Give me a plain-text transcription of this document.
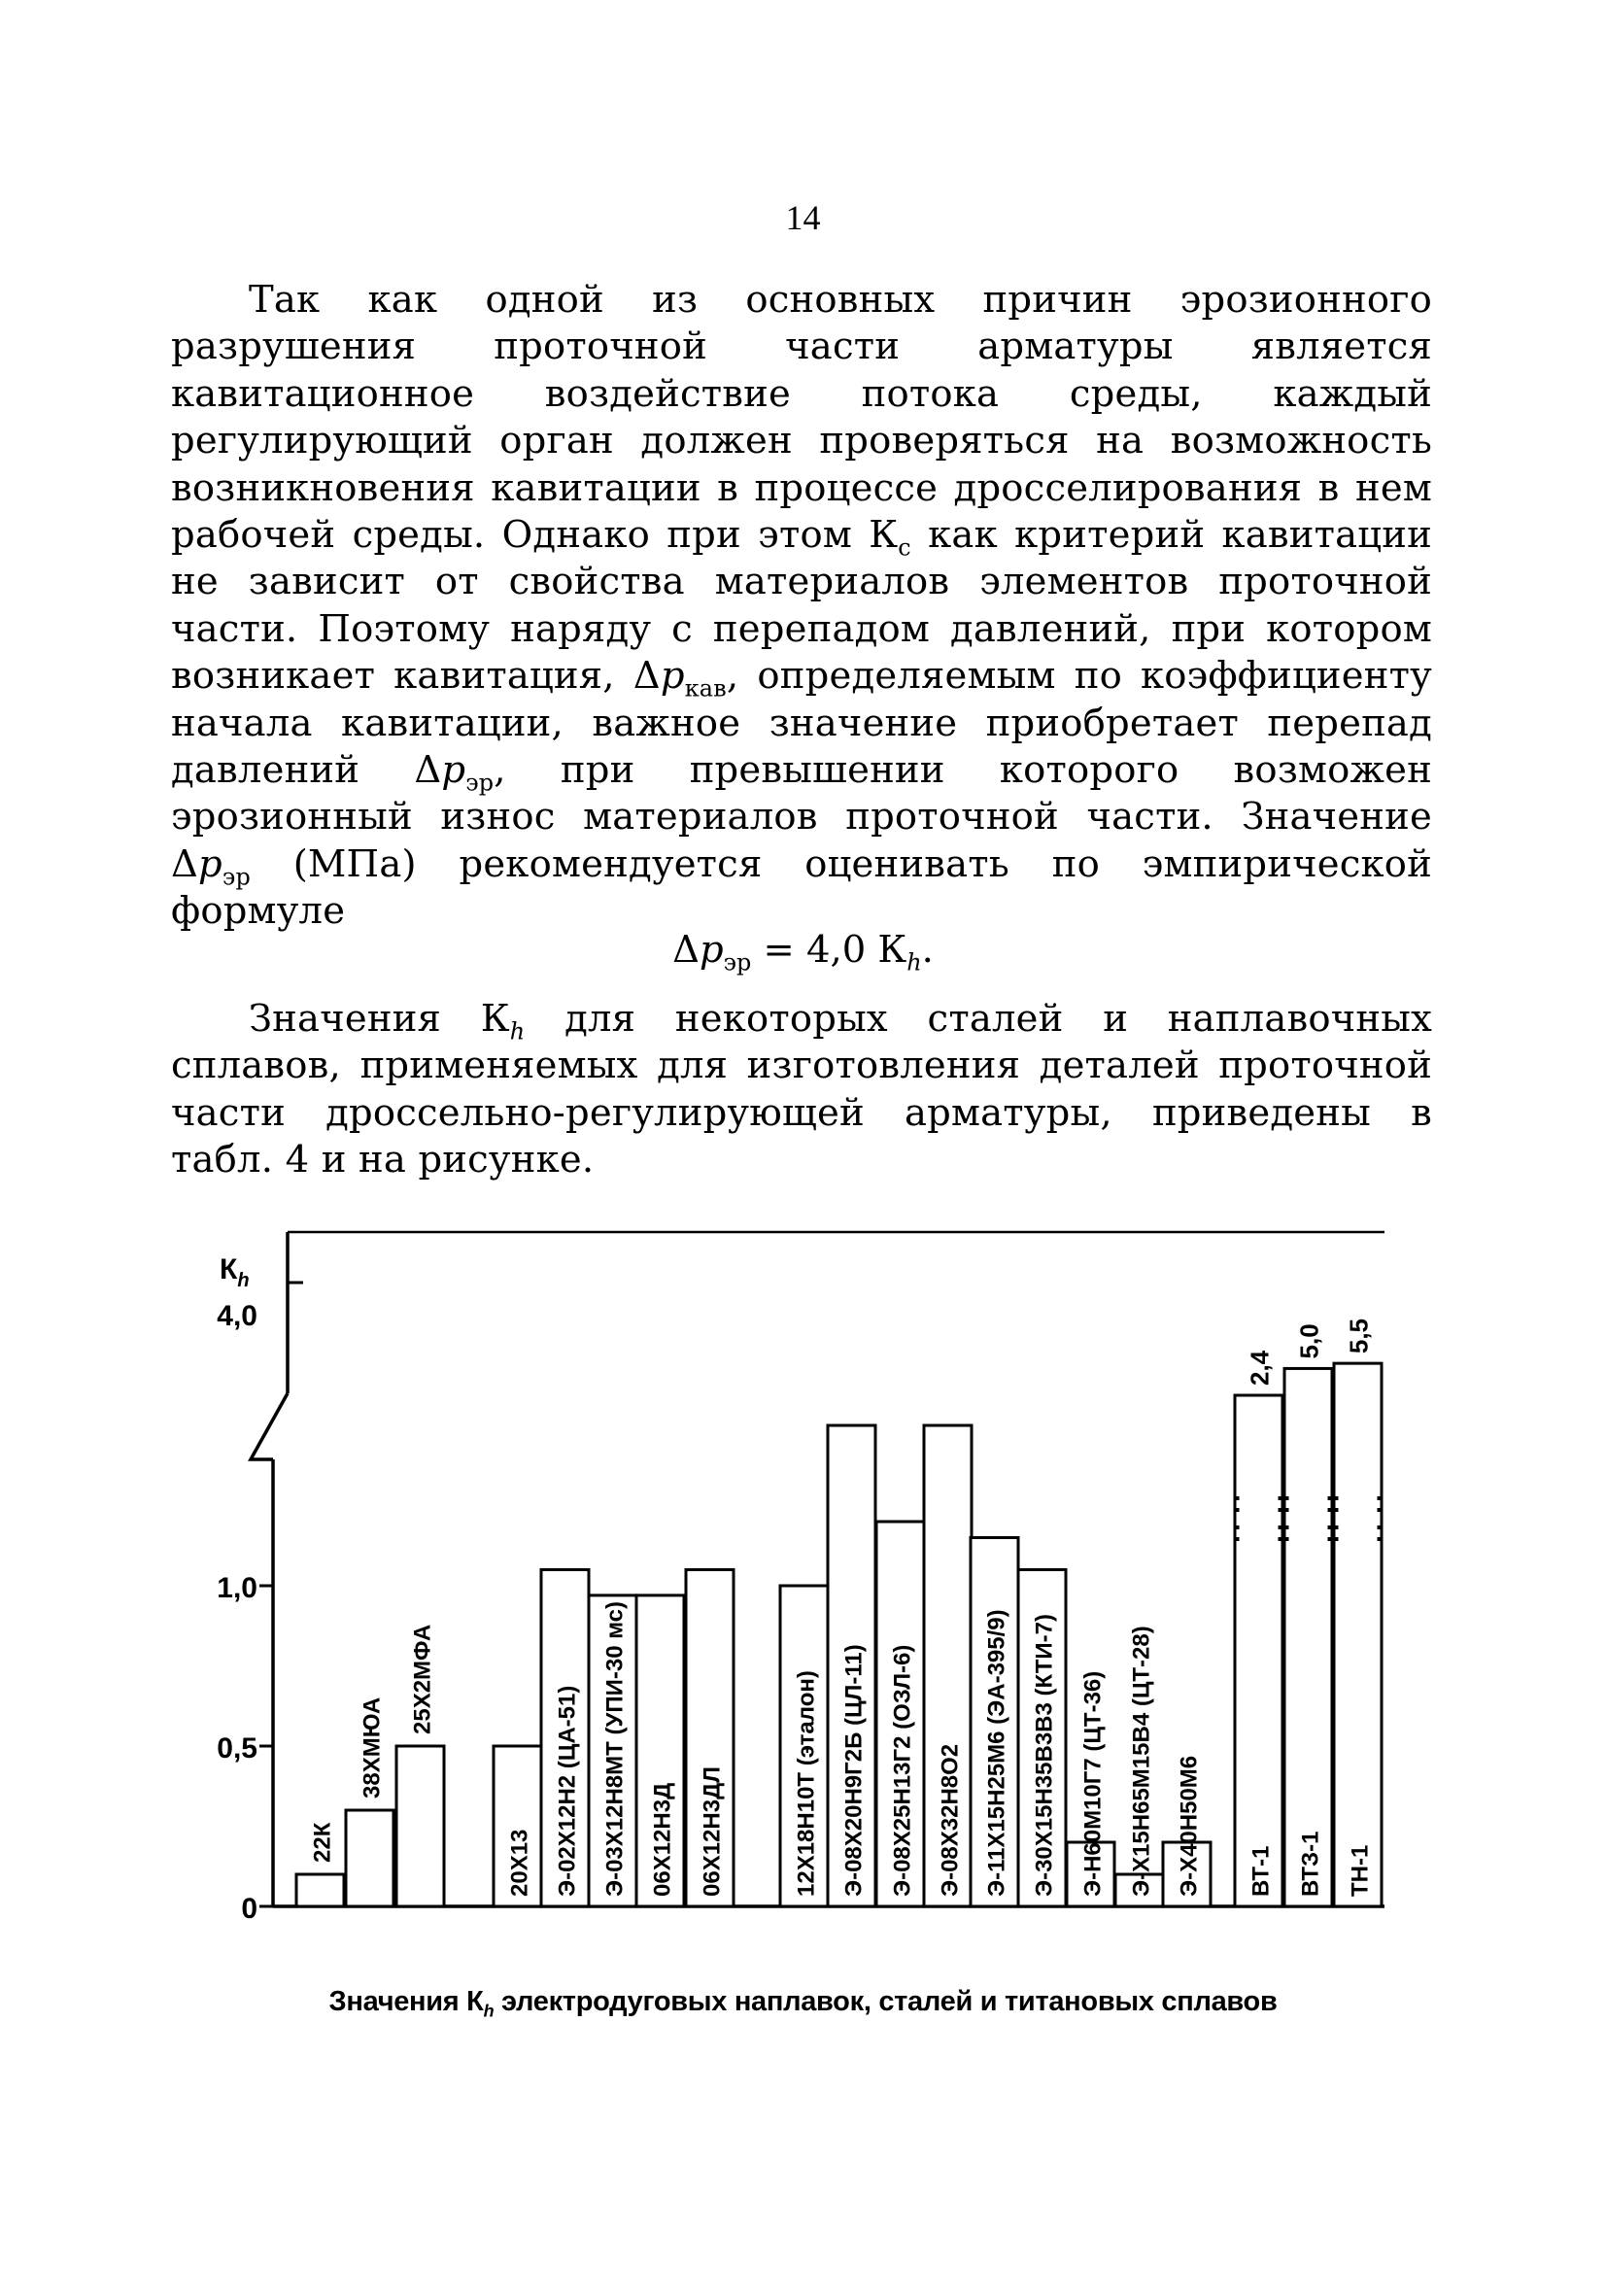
14
Так как одной из основных причин эрозионного разрушения проточной части арматуры является кавитационное воздействие потока среды, каждый регулирующий орган должен проверяться на возможность возникновения кавитации в процессе дросселирования в нем рабочей среды. Однако при этом $К_с$ как критерий кавитации не зависит от свойства материалов элементов проточной части. Поэтому наряду с перепадом давлений, при котором возникает кавитация, $\Delta р_{кав}$, определяемым по коэффициенту начала кавитации, важное значение приобретает перепад давлений $\Delta р_{эр}$, при превышении которого возможен эрозионный износ материалов проточной части. Значение $\Delta р_{эр}$ (МПа) рекомендуется оценивать по эмпирической формуле
$\Delta р_{эр} = 4,0$ $К_h$.
Значения $К_h$ для некоторых сталей и наплавочных сплавов, применяемых для изготовления деталей проточной части дроссельно-регулирующей арматуры, приведены в табл. 4 и на рисунке.
0
0,5
1,0
4,0
$К_h$
22К
38ХМЮА
25Х2МФА
20Х13 Э-02Х12Н2 (ЦА-51) Э-03Х12Н8МТ (УПИ-30 мс) 06Х12Н3Д 06Х12Н3ДЛ	12Х18Н10Т (эталон) Э-08Х20Н9Г2Б (ЦЛ-11) Э-08Х25Н13Г2 (ОЗЛ-6) Э-08Х32Н8О2 Э-11Х15Н25М6 (ЭА-395/9) Э-30Х15Н35В3В3 (КТИ-7) Э-Н60М10Г7 (ЦТ-36) Э-Х15Н65М15В4 (ЦТ-28) Э-Х40Н50М6 ВТ-1
2,4
ВТЗ-1
5,0
ТН-1
5,5
Значения $К_h$ электродуговых наплавок, сталей и титановых сплавов
